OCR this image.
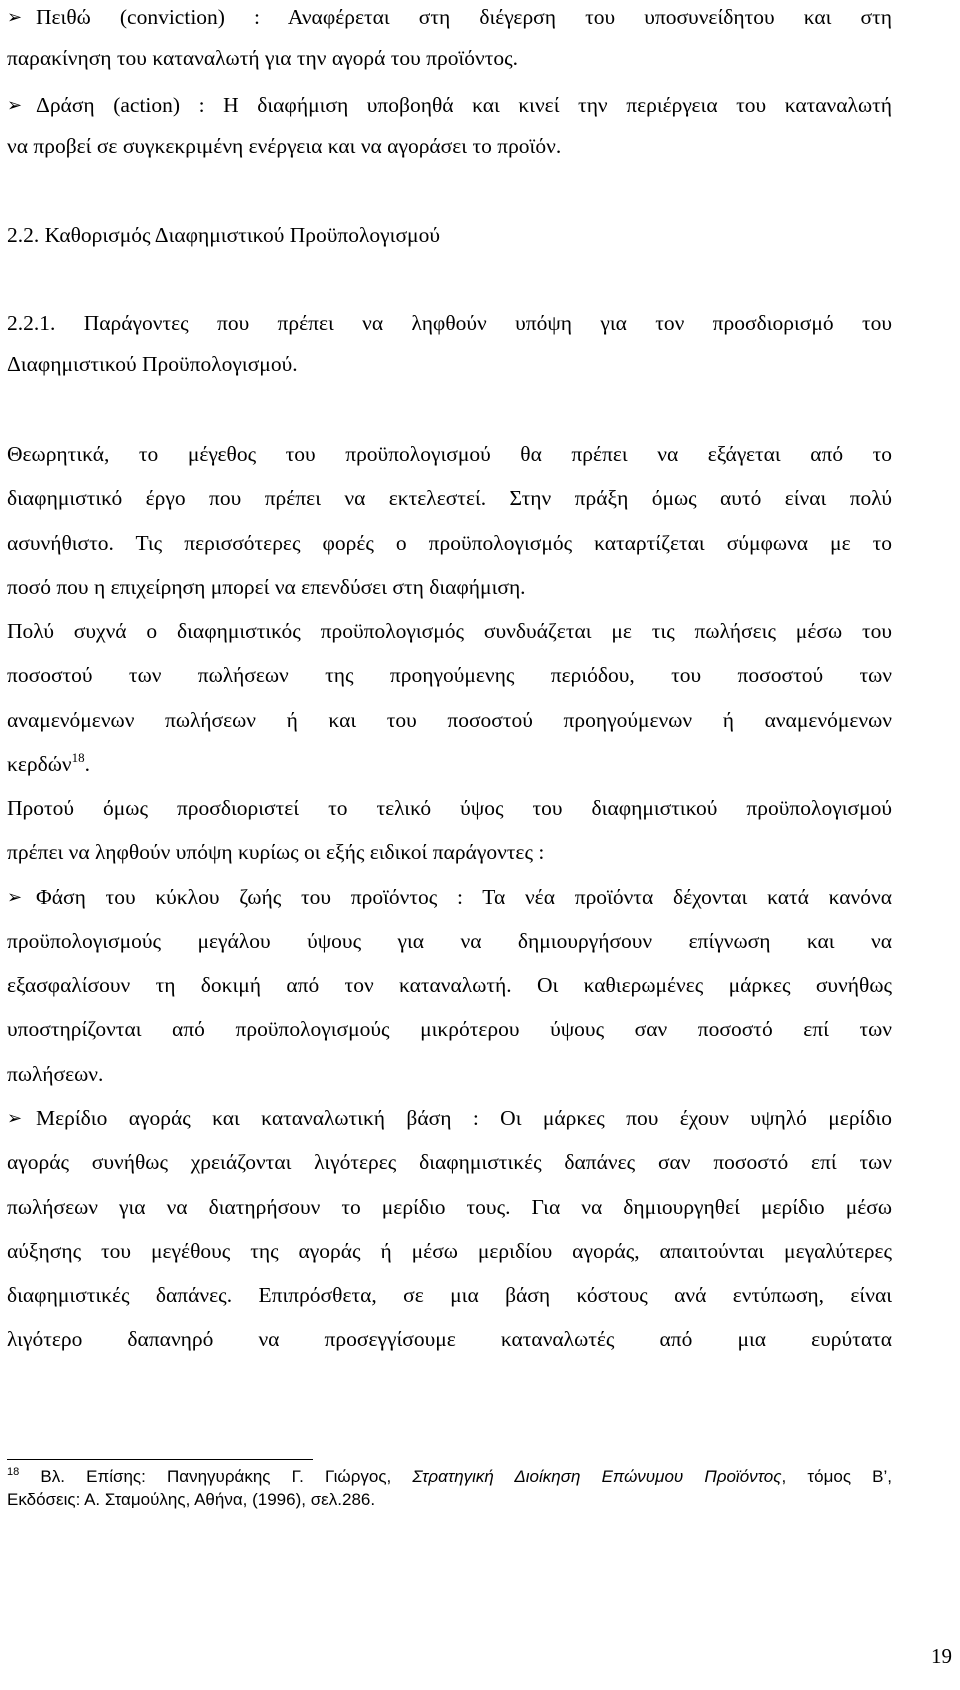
➢ Πειθώ (conviction) : Αναφέρεται στη διέγερση του υποσυνείδητου και στη
παρακίνηση του καταναλωτή για την αγορά του προϊόντος.
➢ Δράση (action) : Η διαφήμιση υποβοηθά και κινεί την περιέργεια του καταναλωτή
να προβεί σε συγκεκριμένη ενέργεια και να αγοράσει το προϊόν.
2.2. Καθορισμός Διαφημιστικού Προϋπολογισμού
2.2.1. Παράγοντες που πρέπει να ληφθούν υπόψη για τον προσδιορισμό του
Διαφημιστικού Προϋπολογισμού.
Θεωρητικά, το μέγεθος του προϋπολογισμού θα πρέπει να εξάγεται από το
διαφημιστικό έργο που πρέπει να εκτελεστεί. Στην πράξη όμως αυτό είναι πολύ
ασυνήθιστο. Τις περισσότερες φορές ο προϋπολογισμός καταρτίζεται σύμφωνα με το
ποσό που η επιχείρηση μπορεί να επενδύσει στη διαφήμιση.
Πολύ συχνά ο διαφημιστικός προϋπολογισμός συνδυάζεται με τις πωλήσεις μέσω του
ποσοστού των πωλήσεων της προηγούμενης περιόδου, του ποσοστού των
αναμενόμενων πωλήσεων ή και του ποσοστού προηγούμενων ή αναμενόμενων
κερδών$^{18}$.
Προτού όμως προσδιοριστεί το τελικό ύψος του διαφημιστικού προϋπολογισμού
πρέπει να ληφθούν υπόψη κυρίως οι εξής ειδικοί παράγοντες :
➢ Φάση του κύκλου ζωής του προϊόντος : Τα νέα προϊόντα δέχονται κατά κανόνα
προϋπολογισμούς μεγάλου ύψους για να δημιουργήσουν επίγνωση και να
εξασφαλίσουν τη δοκιμή από τον καταναλωτή. Οι καθιερωμένες μάρκες συνήθως
υποστηρίζονται από προϋπολογισμούς μικρότερου ύψους σαν ποσοστό επί των
πωλήσεων.
➢ Μερίδιο αγοράς και καταναλωτική βάση : Οι μάρκες που έχουν υψηλό μερίδιο
αγοράς συνήθως χρειάζονται λιγότερες διαφημιστικές δαπάνες σαν ποσοστό επί των
πωλήσεων για να διατηρήσουν το μερίδιο τους. Για να δημιουργηθεί μερίδιο μέσω
αύξησης του μεγέθους της αγοράς ή μέσω μεριδίου αγοράς, απαιτούνται μεγαλύτερες
διαφημιστικές δαπάνες. Επιπρόσθετα, σε μια βάση κόστους ανά εντύπωση, είναι
λιγότερο δαπανηρό να προσεγγίσουμε καταναλωτές από μια ευρύτατα
$^{18}$ Βλ. Επίσης: Πανηγυράκης Γ. Γιώργος, Στρατηγική Διοίκηση Επώνυμου Προϊόντος, τόμος Β’,
Εκδόσεις: Α. Σταμούλης, Αθήνα, (1996), σελ.286.
19
